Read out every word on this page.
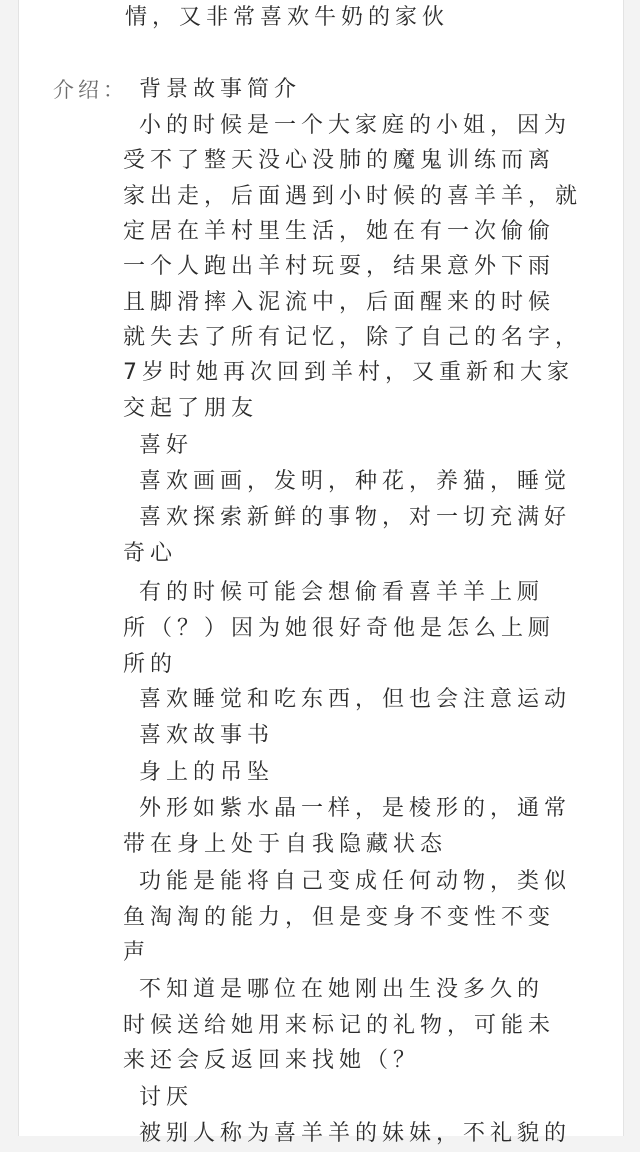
情，又非常喜欢牛奶的家伙
介绍： 背景故事简介
小的时候是一个大家庭的小姐，因为
受不了整天没心没肺的魔鬼训练而离
家出走，后面遇到小时候的喜羊羊，就
定居在羊村里生活，她在有一次偷偷
一个人跑出羊村玩耍，结果意外下雨
且脚滑摔入泥流中，后面醒来的时候
就失去了所有记忆，除了自己的名字，
7岁时她再次回到羊村，又重新和大家
交起了朋友
喜好
喜欢画画，发明，种花，养猫，睡觉
喜欢探索新鲜的事物，对一切充满好
奇心
有的时候可能会想偷看喜羊羊上厕
所（？）因为她很好奇他是怎么上厕
所的
喜欢睡觉和吃东西，但也会注意运动
喜欢故事书
身上的吊坠
外形如紫水晶一样，是棱形的，通常
带在身上处于自我隐藏状态
功能是能将自己变成任何动物，类似
鱼淘淘的能力，但是变身不变性不变
声
不知道是哪位在她刚出生没多久的
时候送给她用来标记的礼物，可能未
来还会反返回来找她（？
讨厌
被别人称为喜羊羊的妹妹，不礼貌的
